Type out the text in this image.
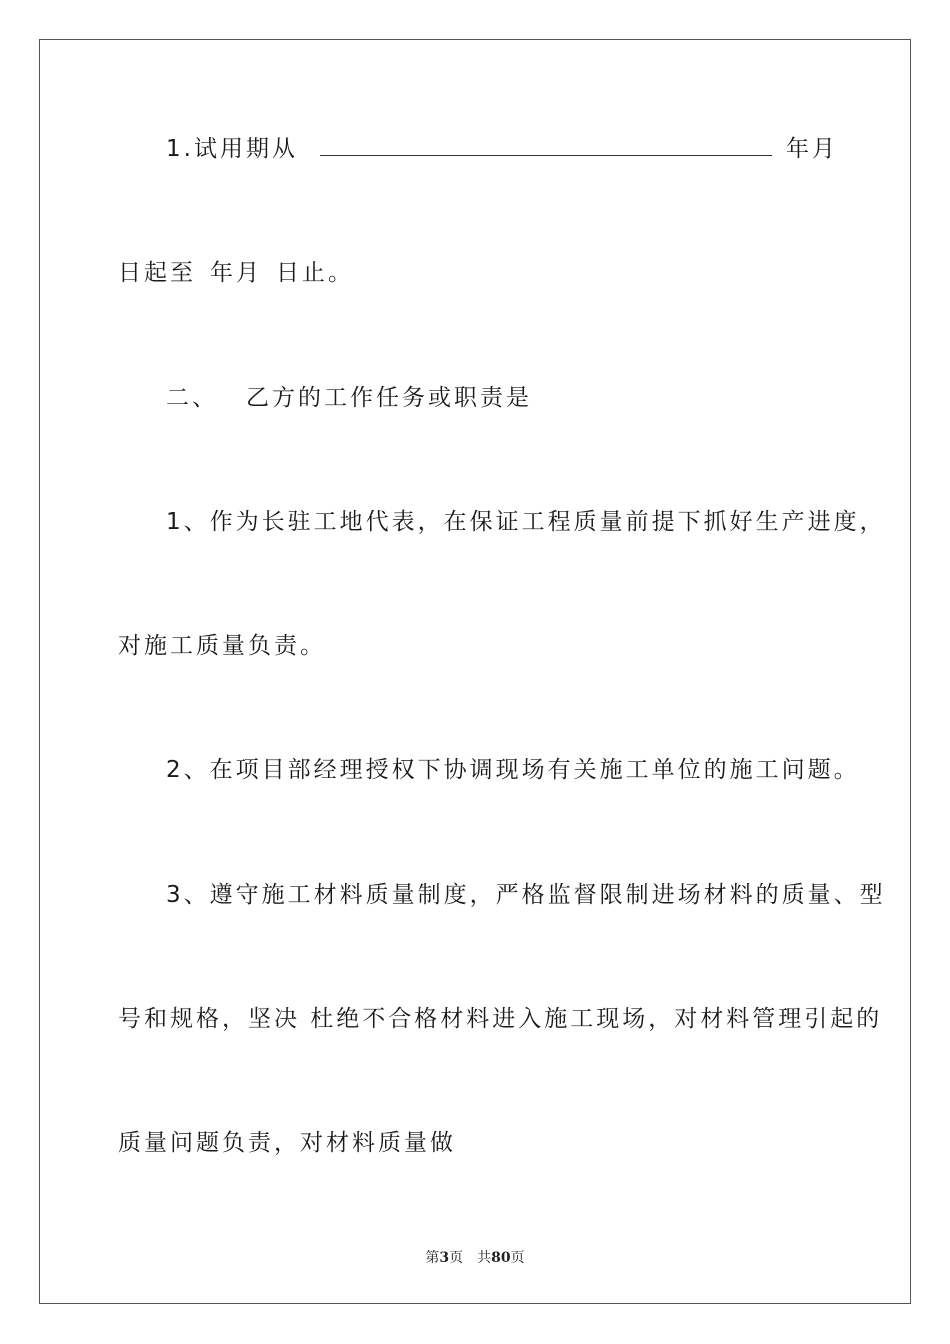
1.试用期从	年月
日起至 年月 日止。
二、 乙方的工作任务或职责是
1、作为长驻工地代表，在保证工程质量前提下抓好生产进度，
对施工质量负责。
2、在项目部经理授权下协调现场有关施工单位的施工问题。
3、遵守施工材料质量制度，严格监督限制进场材料的质量、型
号和规格，坚决 杜绝不合格材料进入施工现场，对材料管理引起的
质量问题负责，对材料质量做
第3页 共80页
